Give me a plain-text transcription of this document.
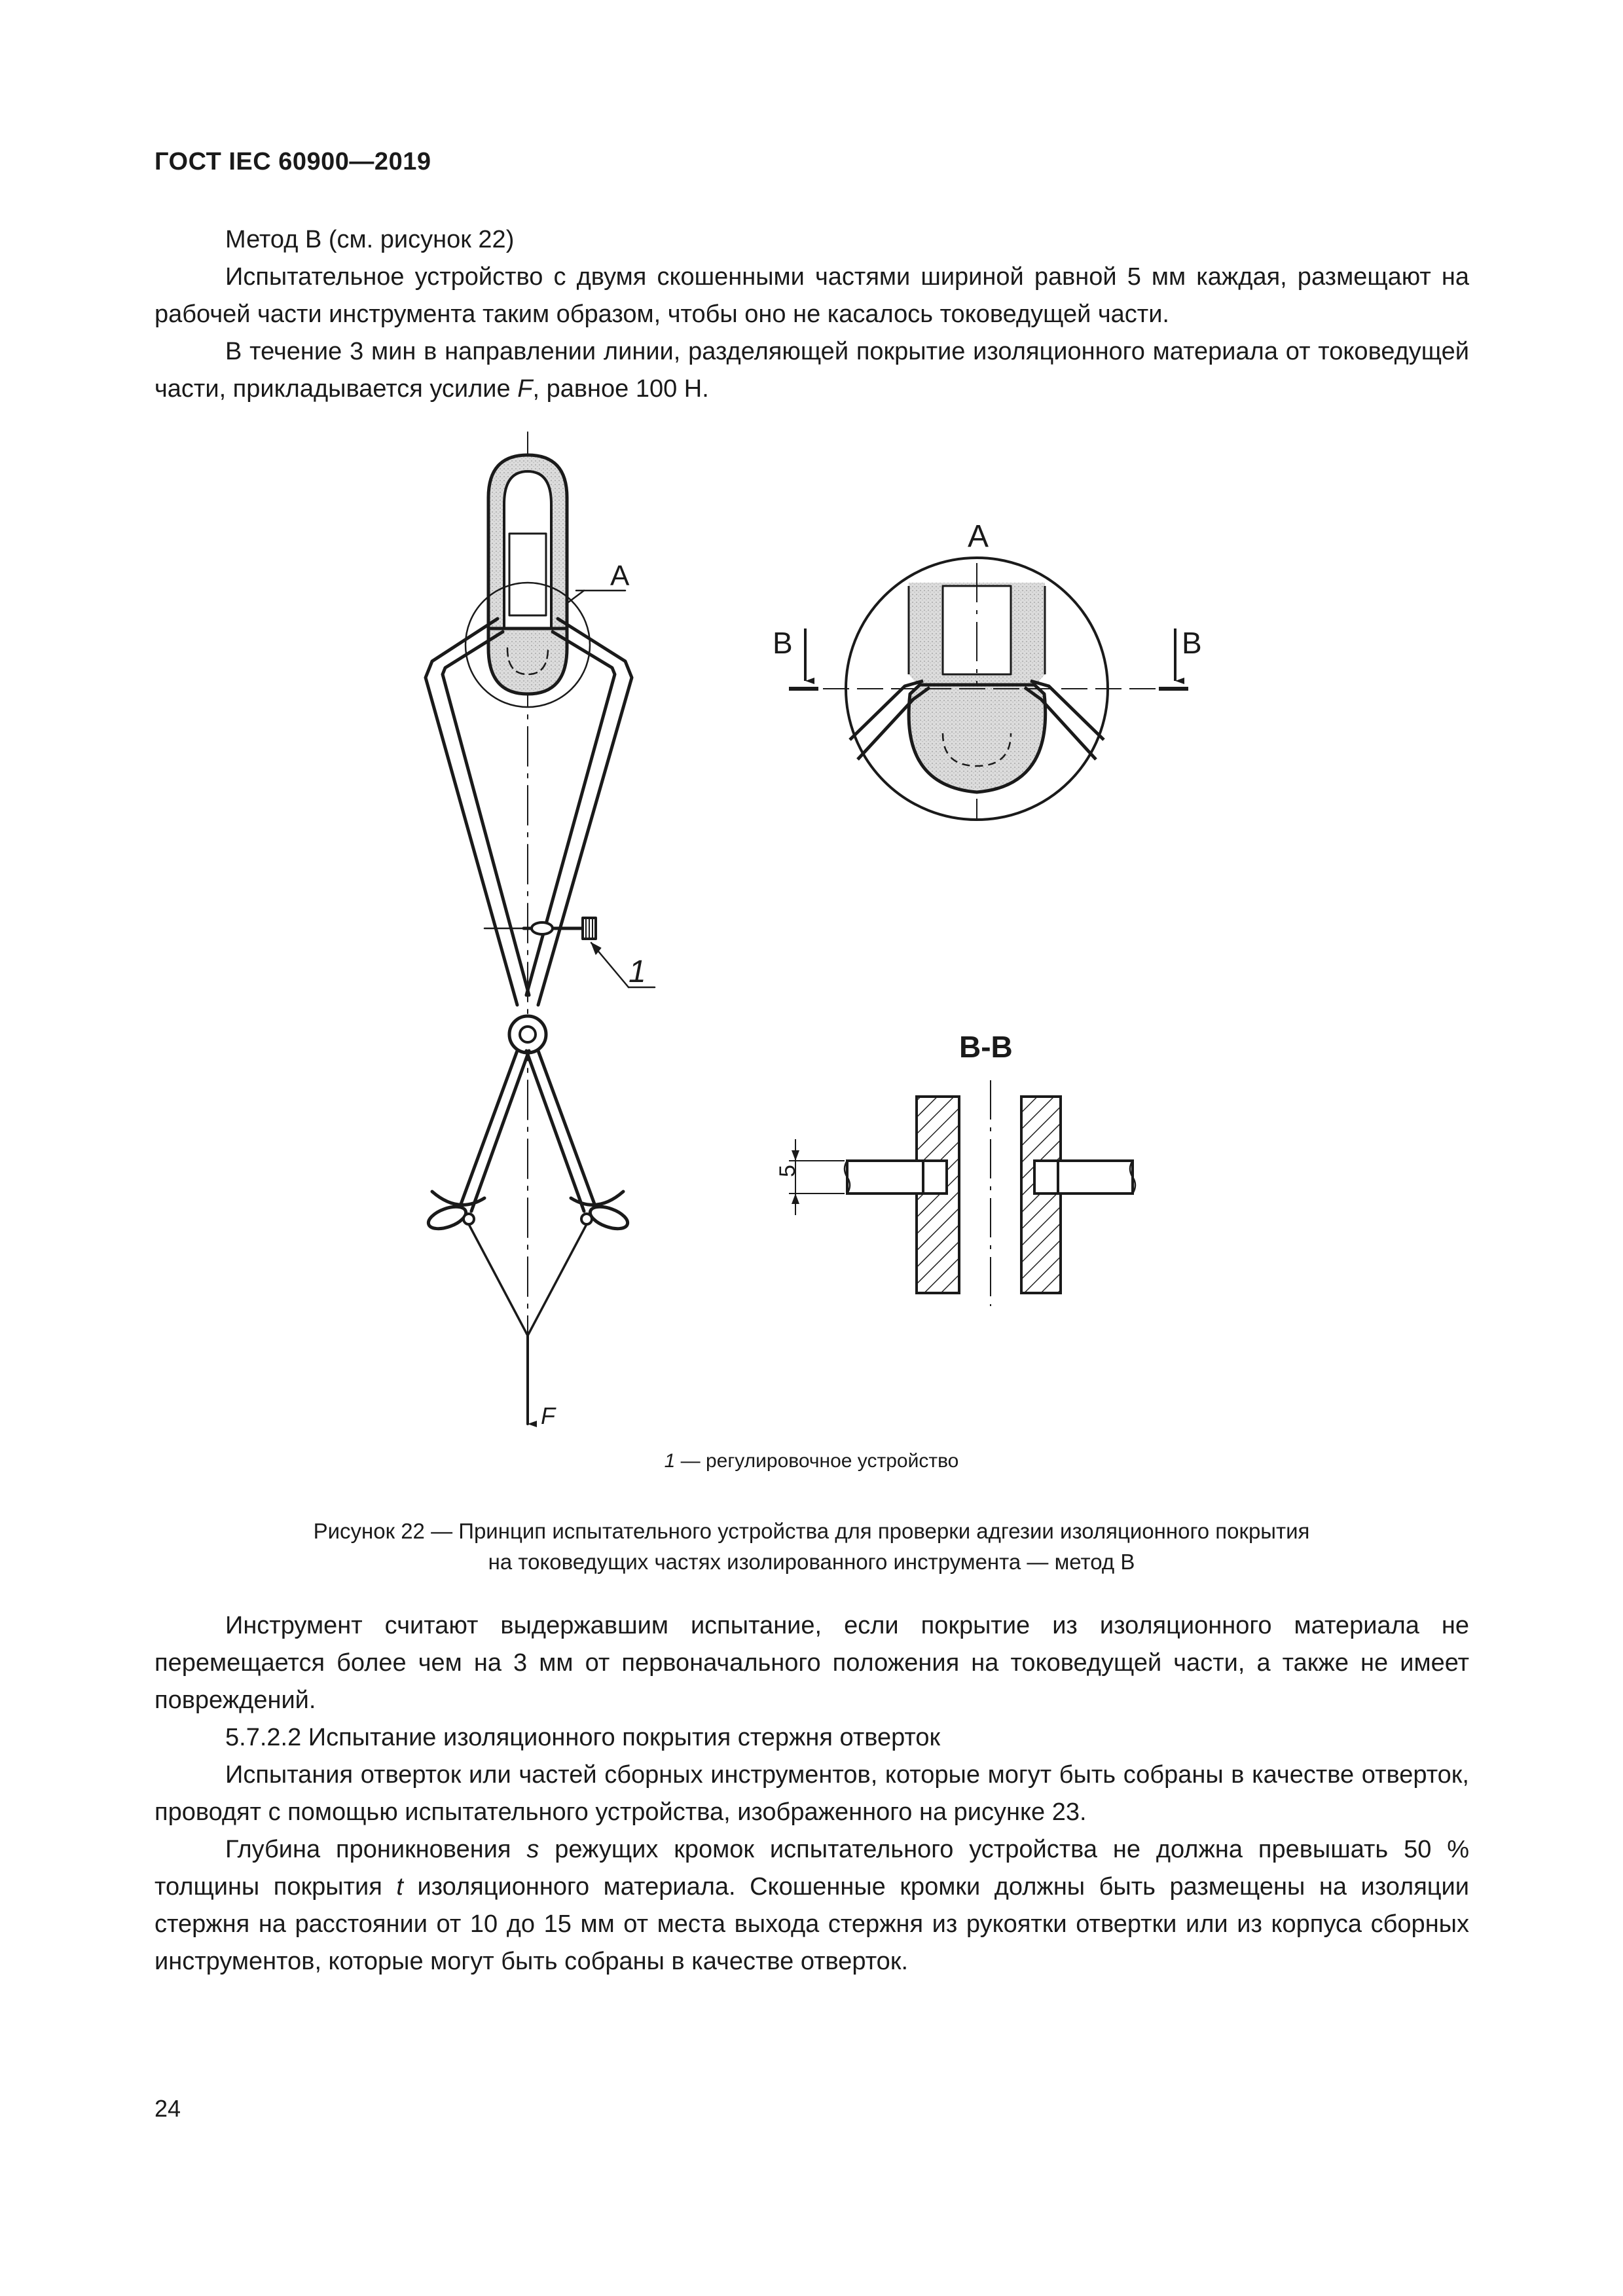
ГОСТ IEC 60900—2019

Метод В (см. рисунок 22)

Испытательное устройство с двумя скошенными частями шириной равной 5 мм каждая, размещают на рабочей части инструмента таким образом, чтобы оно не касалось токоведущей части.

В течение 3 мин в направлении линии, разделяющей покрытие изоляционного материала от токоведущей части, прикладывается усилие F, равное 100 Н.

A
A
B	B
B-B
1
F
5
1 — регулировочное устройство
Рисунок 22 — Принцип испытательного устройства для проверки адгезии изоляционного покрытия
на токоведущих частях изолированного инструмента — метод В

Инструмент считают выдержавшим испытание, если покрытие из изоляционного материала не перемещается более чем на 3 мм от первоначального положения на токоведущей части, а также не имеет повреждений.

5.7.2.2 Испытание изоляционного покрытия стержня отверток

Испытания отверток или частей сборных инструментов, которые могут быть собраны в качестве отверток, проводят с помощью испытательного устройства, изображенного на рисунке 23.

Глубина проникновения s режущих кромок испытательного устройства не должна превышать 50 % толщины покрытия t изоляционного материала. Скошенные кромки должны быть размещены на изоляции стержня на расстоянии от 10 до 15 мм от места выхода стержня из рукоятки отвертки или из корпуса сборных инструментов, которые могут быть собраны в качестве отверток.

24
